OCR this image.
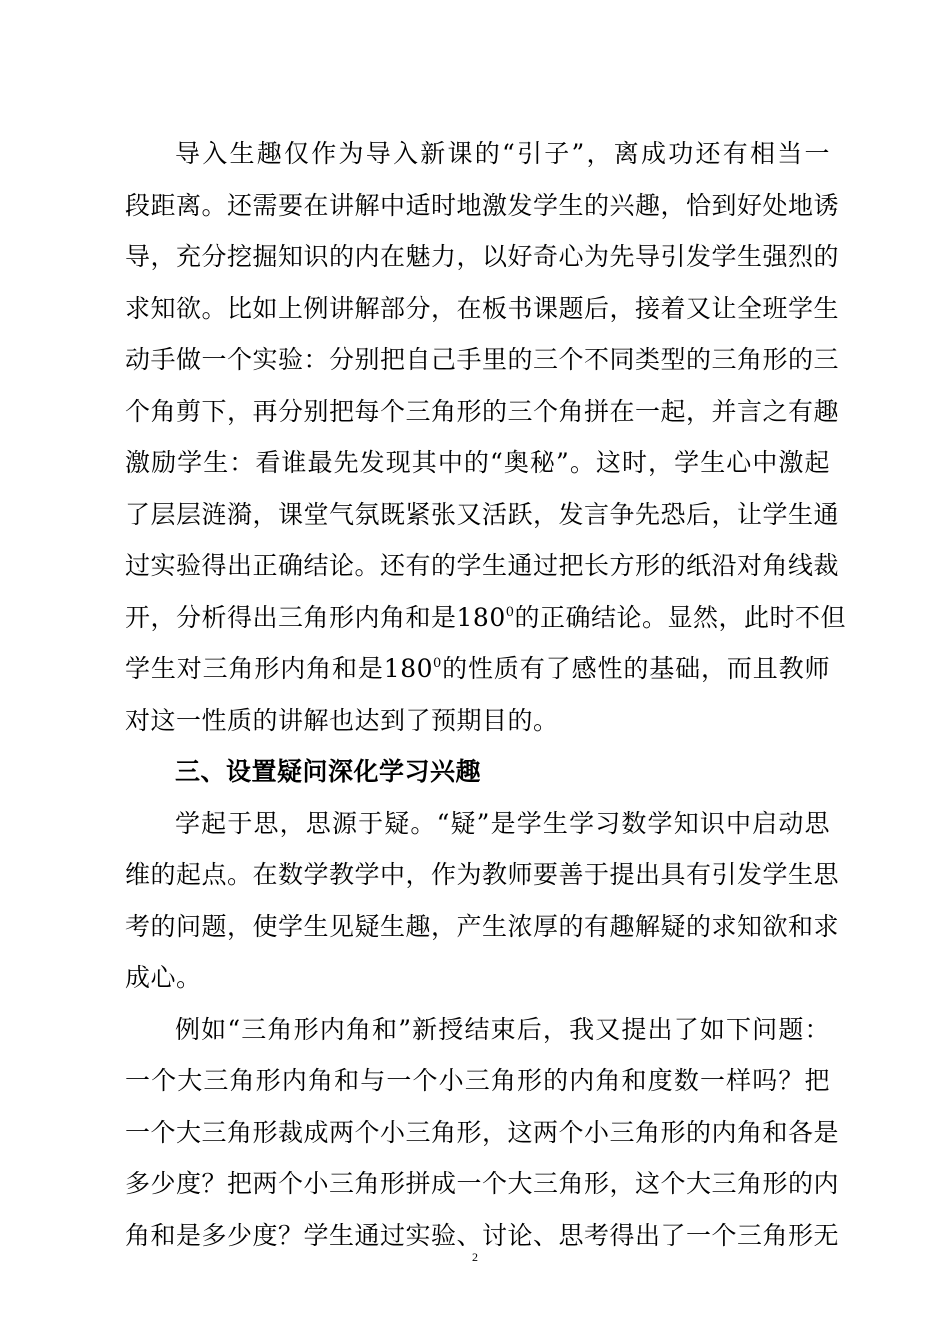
导入生趣仅作为导入新课的“引子”，离成功还有相当一
段距离。还需要在讲解中适时地激发学生的兴趣，恰到好处地诱
导，充分挖掘知识的内在魅力，以好奇心为先导引发学生强烈的
求知欲。比如上例讲解部分，在板书课题后，接着又让全班学生
动手做一个实验：分别把自己手里的三个不同类型的三角形的三
个角剪下，再分别把每个三角形的三个角拼在一起，并言之有趣
激励学生：看谁最先发现其中的“奥秘”。这时，学生心中激起
了层层涟漪，课堂气氛既紧张又活跃，发言争先恐后，让学生通
过实验得出正确结论。还有的学生通过把长方形的纸沿对角线裁
开，分析得出三角形内角和是$180^0$的正确结论。显然，此时不但
学生对三角形内角和是$180^0$的性质有了感性的基础，而且教师
对这一性质的讲解也达到了预期目的。
三、设置疑问深化学习兴趣
学起于思，思源于疑。“疑”是学生学习数学知识中启动思
维的起点。在数学教学中，作为教师要善于提出具有引发学生思
考的问题，使学生见疑生趣，产生浓厚的有趣解疑的求知欲和求
成心。
例如“三角形内角和”新授结束后，我又提出了如下问题：
一个大三角形内角和与一个小三角形的内角和度数一样吗？把
一个大三角形裁成两个小三角形，这两个小三角形的内角和各是
多少度？把两个小三角形拼成一个大三角形，这个大三角形的内
角和是多少度？学生通过实验、讨论、思考得出了一个三角形无
2
